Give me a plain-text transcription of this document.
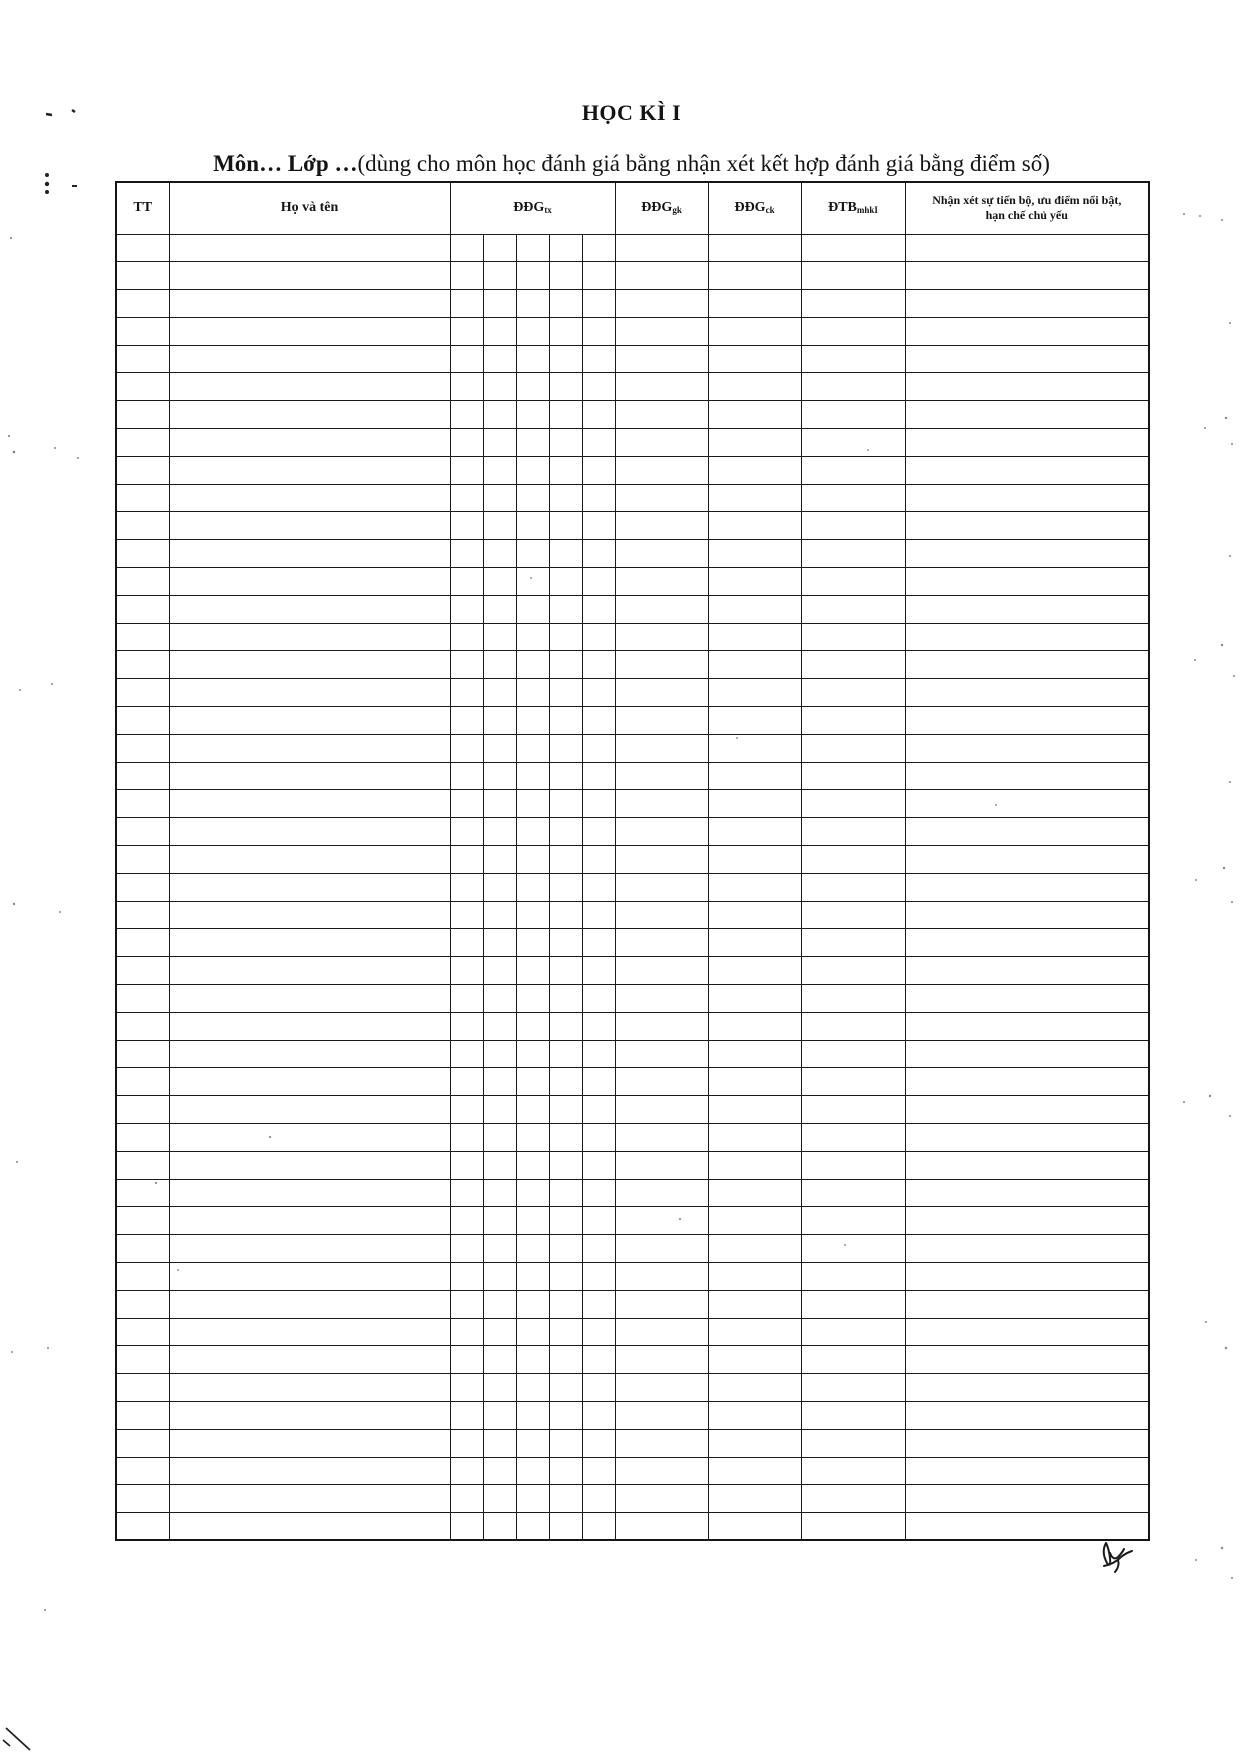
HỌC KÌ I
Môn… Lớp …(dùng cho môn học đánh giá bằng nhận xét kết hợp đánh giá bằng điểm số)
TT	Họ và tên	$ĐĐG_{tx}$					$ĐĐG_{gk}$	$ĐĐG_{ck}$	$ĐTB_{mhkI}$	Nhận xét sự tiến bộ, ưu điểm nổi bật, hạn chế chủ yếu
